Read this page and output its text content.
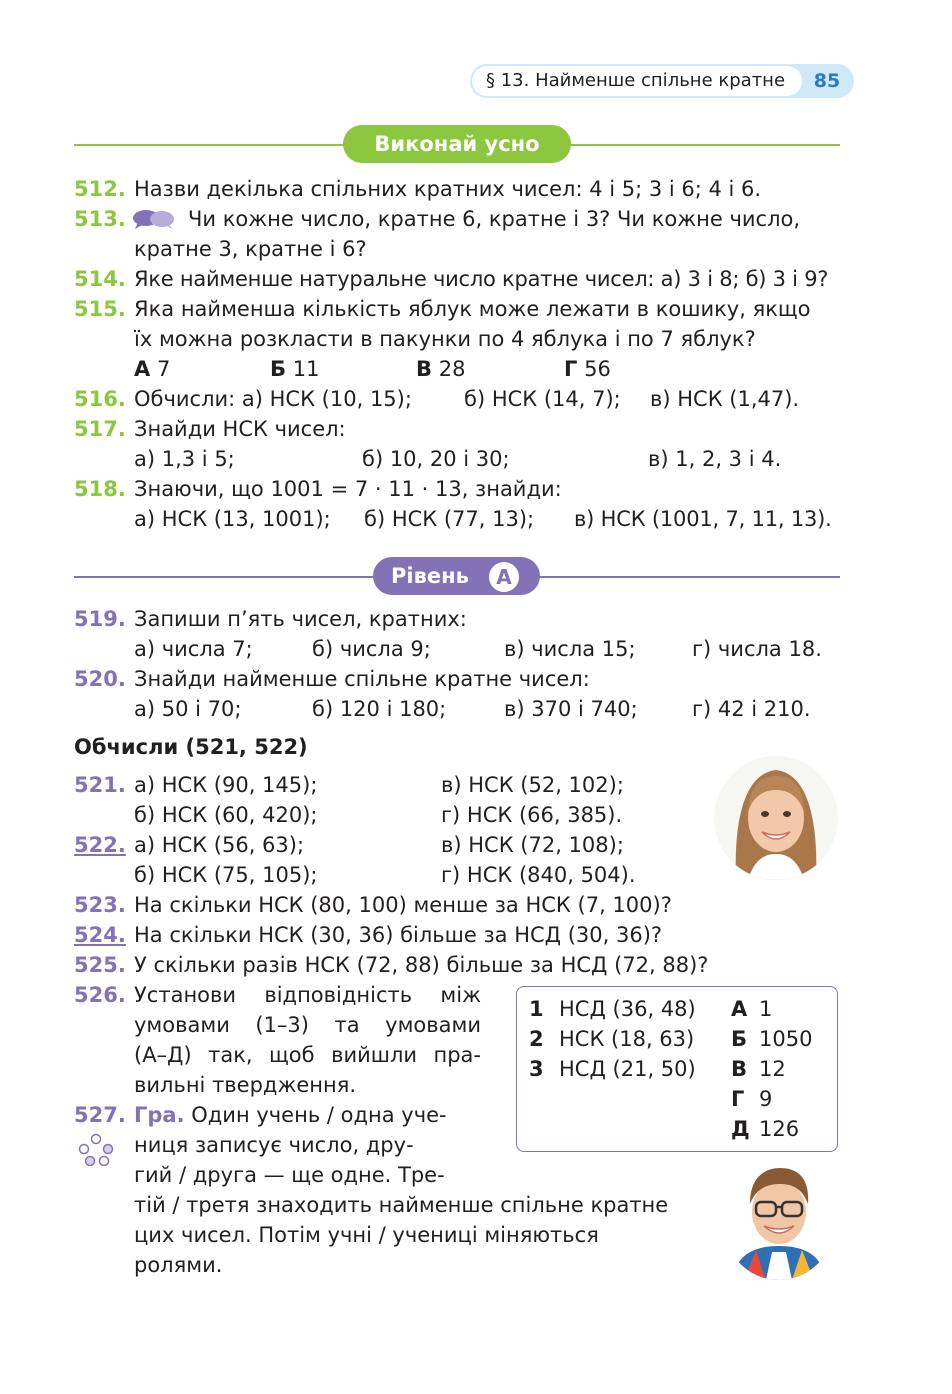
§ 13. Найменше спільне кратне	85
Виконай усно
512. Назви декілька спільних кратних чисел: 4 і 5; 3 і 6; 4 і 6.
513.	Чи кожне число, кратне 6, кратне і 3? Чи кожне число,
кратне 3, кратне і 6?
514. Яке найменше натуральне число кратне чисел: а) 3 і 8; б) 3 і 9?
515. Яка найменша кількість яблук може лежати в кошику, якщо
їх можна розкласти в пакунки по 4 яблука і по 7 яблук?
А 7	Б 11	В 28	Г 56
516. Обчисли: а) НСК (10, 15); б) НСК (14, 7); в) НСК (1,47).
517. Знайди НСК чисел:
а) 1,3 і 5;	б) 10, 20 і 30;	в) 1, 2, 3 і 4.
518. Знаючи, що 1001 = 7 · 11 · 13, знайди:
а) НСК (13, 1001); б) НСК (77, 13); в) НСК (1001, 7, 11, 13).
Рівень	А
519. Запиши п’ять чисел, кратних:
а) числа 7;	б) числа 9;	в) числа 15;	г) числа 18.
520. Знайди найменше спільне кратне чисел:
а) 50 і 70;	б) 120 і 180;	в) 370 і 740;	г) 42 і 210.
Обчисли (521, 522)
521. а) НСК (90, 145);	в) НСК (52, 102);
б) НСК (60, 420);	г) НСК (66, 385).
522. а) НСК (56, 63);	в) НСК (72, 108);
б) НСК (75, 105);	г) НСК (840, 504).
523. На скільки НСК (80, 100) менше за НСК (7, 100)?
524. На скільки НСК (30, 36) більше за НСД (30, 36)?
525. У скільки разів НСК (72, 88) більше за НСД (72, 88)?
526. Установи відповідність між
умовами (1–3) та умовами
(А–Д) так, щоб вийшли пра-
вильні твердження.
1 НСД (36, 48)
2 НСК (18, 63)
3 НСД (21, 50)
А 1
Б 1050
В 12
Г 9
Д 126
527. Гра. Один учень / одна уче-
ниця записує число, дру-
гий / друга — ще одне. Тре-
тій / третя знаходить найменше спільне кратне
цих чисел. Потім учні / учениці міняються
ролями.
